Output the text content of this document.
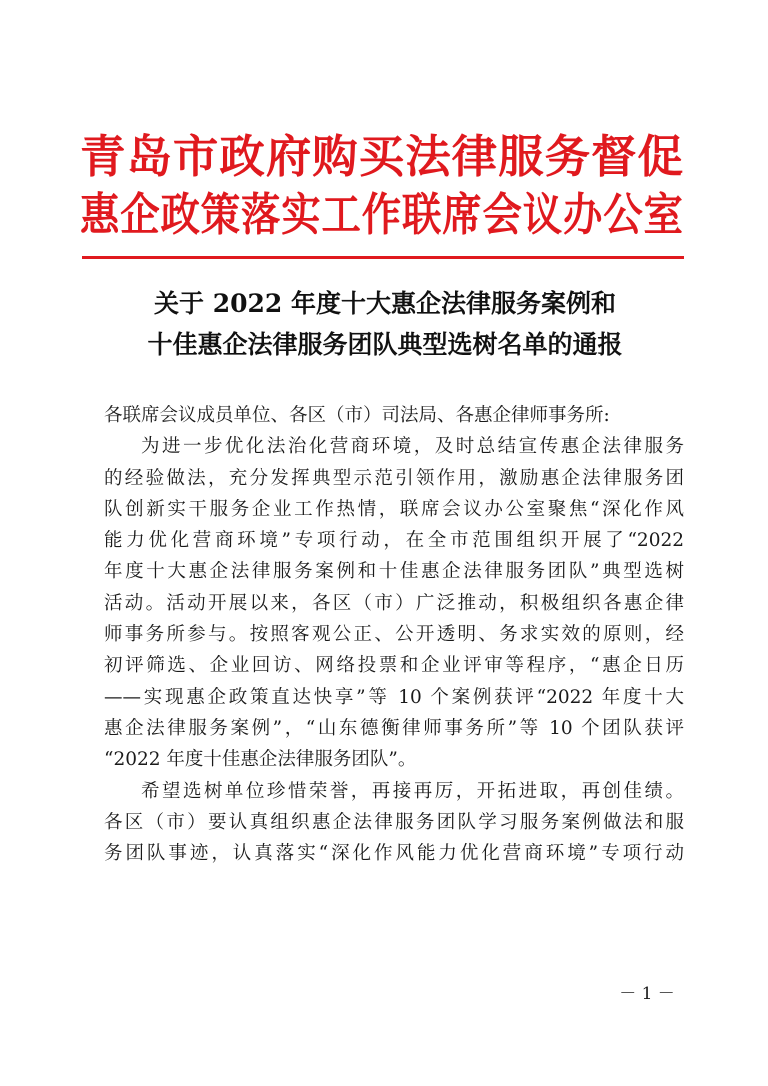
青岛市政府购买法律服务督促
惠企政策落实工作联席会议办公室
关于 2022 年度十大惠企法律服务案例和
十佳惠企法律服务团队典型选树名单的通报
各联席会议成员单位、各区（市）司法局、各惠企律师事务所:
为进一步优化法治化营商环境，及时总结宣传惠企法律服务
的经验做法，充分发挥典型示范引领作用，激励惠企法律服务团
队创新实干服务企业工作热情，联席会议办公室聚焦“深化作风
能力优化营商环境”专项行动，在全市范围组织开展了“2022
年度十大惠企法律服务案例和十佳惠企法律服务团队”典型选树
活动。活动开展以来，各区（市）广泛推动，积极组织各惠企律
师事务所参与。按照客观公正、公开透明、务求实效的原则，经
初评筛选、企业回访、网络投票和企业评审等程序，“惠企日历
——实现惠企政策直达快享”等 10 个案例获评“2022 年度十大
惠企法律服务案例”，“山东德衡律师事务所”等 10 个团队获评
“2022 年度十佳惠企法律服务团队”。
希望选树单位珍惜荣誉，再接再厉，开拓进取，再创佳绩。
各区（市）要认真组织惠企法律服务团队学习服务案例做法和服
务团队事迹，认真落实“深化作风能力优化营商环境”专项行动
－ 1 －
